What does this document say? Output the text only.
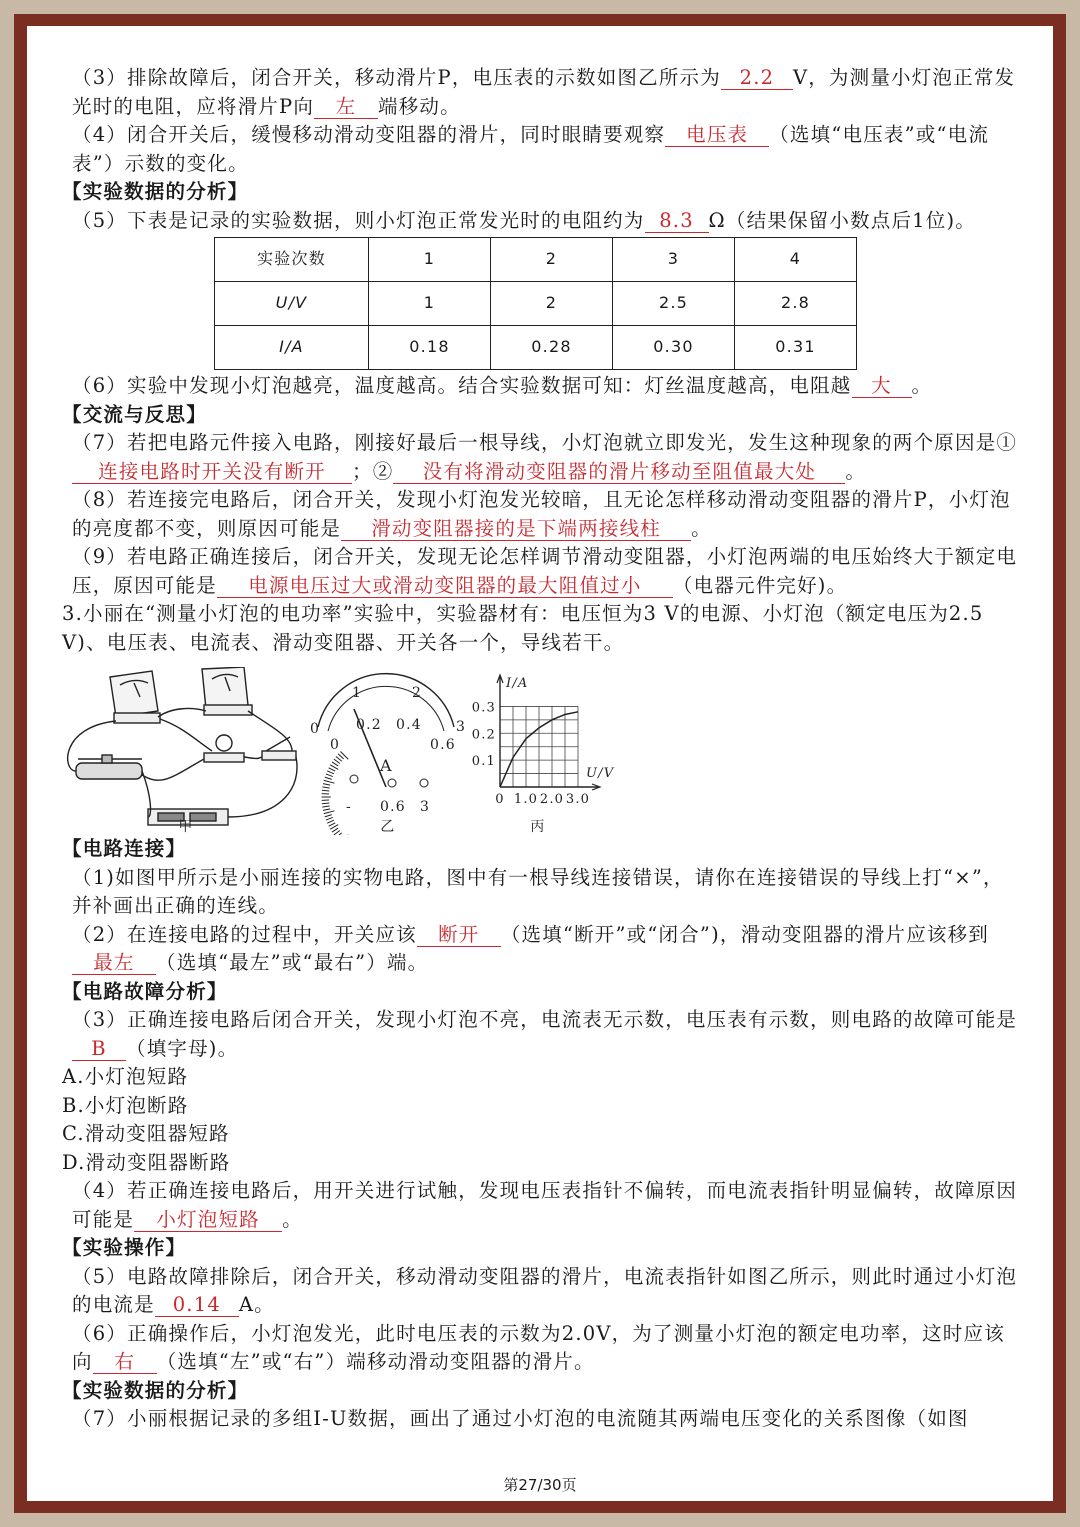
（3）排除故障后，闭合开关，移动滑片P，电压表的示数如图乙所示为 2.2 V，为测量小灯泡正常发光时的电阻，应将滑片P向 左 端移动。

（4）闭合开关后，缓慢移动滑动变阻器的滑片，同时眼睛要观察 电压表 （选填“电压表”或“电流表”）示数的变化。

【实验数据的分析】

（5）下表是记录的实验数据，则小灯泡正常发光时的电阻约为 8.3 Ω（结果保留小数点后1位)。

实验次数	1	2	3	4
U/V	1	2	2.5	2.8
I/A	0.18	0.28	0.30	0.31

（6）实验中发现小灯泡越亮，温度越高。结合实验数据可知：灯丝温度越高，电阻越 大 。

【交流与反思】

（7）若把电路元件接入电路，刚接好最后一根导线，小灯泡就立即发光，发生这种现象的两个原因是①连接电路时开关没有断开 ；② 没有将滑动变阻器的滑片移动至阻值最大处 。

（8）若连接完电路后，闭合开关，发现小灯泡发光较暗，且无论怎样移动滑动变阻器的滑片P，小灯泡的亮度都不变，则原因可能是 滑动变阻器接的是下端两接线柱 。

（9）若电路正确连接后，闭合开关，发现无论怎样调节滑动变阻器，小灯泡两端的电压始终大于额定电压，原因可能是 电源电压过大或滑动变阻器的最大阻值过小 （电器元件完好)。

3.小丽在“测量小灯泡的电功率”实验中，实验器材有：电压恒为3 V的电源、小灯泡（额定电压为2.5 V)、电压表、电流表、滑动变阻器、开关各一个，导线若干。

甲
0
1	2
3
0
0.2 0.4
0.6
A
- 0.6 3
乙
I/A
U/V
0.3
0.2
0.1
0 1.0 2.0 3.0
丙

【电路连接】

（1)如图甲所示是小丽连接的实物电路，图中有一根导线连接错误，请你在连接错误的导线上打“×”，并补画出正确的连线。

（2）在连接电路的过程中，开关应该 断开 （选填“断开”或“闭合”)，滑动变阻器的滑片应该移到最左 （选填“最左”或“最右”）端。

【电路故障分析】

（3）正确连接电路后闭合开关，发现小灯泡不亮，电流表无示数，电压表有示数，则电路的故障可能是B （填字母)。

A.小灯泡短路

B.小灯泡断路

C.滑动变阻器短路

D.滑动变阻器断路

（4）若正确连接电路后，用开关进行试触，发现电压表指针不偏转，而电流表指针明显偏转，故障原因可能是 小灯泡短路 。

【实验操作】

（5）电路故障排除后，闭合开关，移动滑动变阻器的滑片，电流表指针如图乙所示，则此时通过小灯泡的电流是 0.14 A。

（6）正确操作后，小灯泡发光，此时电压表的示数为2.0V，为了测量小灯泡的额定电功率，这时应该向 右 （选填“左”或“右”）端移动滑动变阻器的滑片。

【实验数据的分析】

（7）小丽根据记录的多组I-U数据，画出了通过小灯泡的电流随其两端电压变化的关系图像（如图

第27/30页
